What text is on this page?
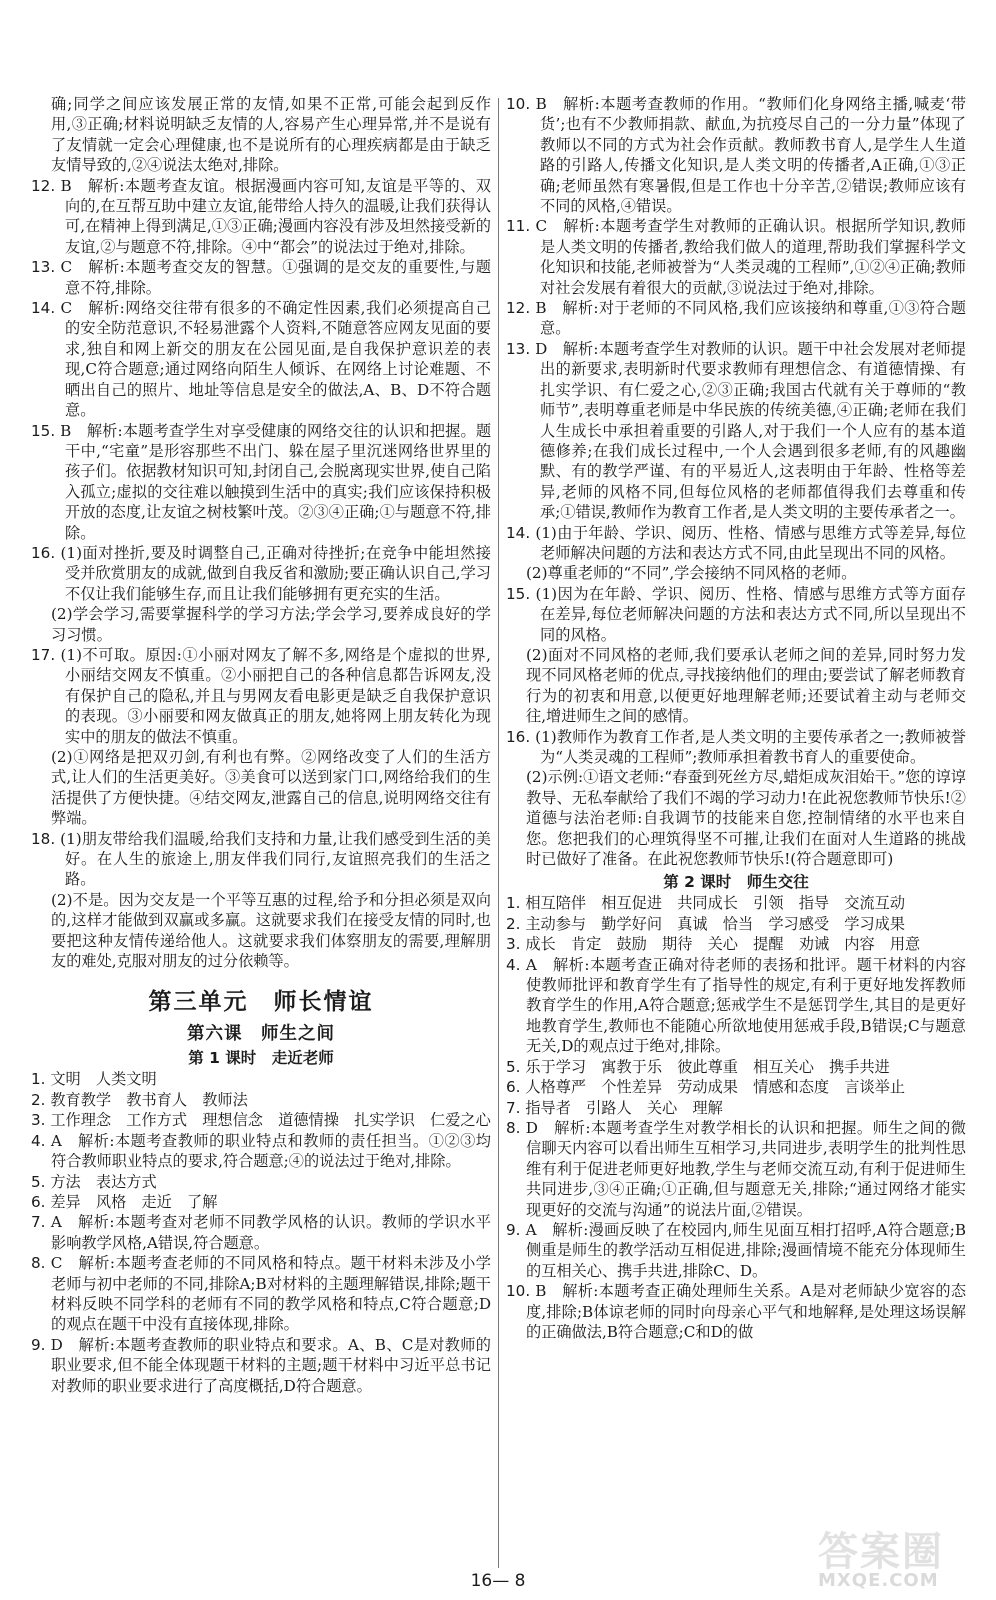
确;同学之间应该发展正常的友情,如果不正常,可能会起到反作用,③正确;材料说明缺乏友情的人,容易产生心理异常,并不是说有了友情就一定会心理健康,也不是说所有的心理疾病都是由于缺乏友情导致的,②④说法太绝对,排除。

12. B　解析:本题考查友谊。根据漫画内容可知,友谊是平等的、双向的,在互帮互助中建立友谊,能带给人持久的温暖,让我们获得认可,在精神上得到满足,①③正确;漫画内容没有涉及坦然接受新的友谊,②与题意不符,排除。④中“都会”的说法过于绝对,排除。

13. C　解析:本题考查交友的智慧。①强调的是交友的重要性,与题意不符,排除。

14. C　解析:网络交往带有很多的不确定性因素,我们必须提高自己的安全防范意识,不轻易泄露个人资料,不随意答应网友见面的要求,独自和网上新交的朋友在公园见面,是自我保护意识差的表现,C符合题意;通过网络向陌生人倾诉、在网络上讨论难题、不晒出自己的照片、地址等信息是安全的做法,A、B、D不符合题意。

15. B　解析:本题考查学生对享受健康的网络交往的认识和把握。题干中,“宅童”是形容那些不出门、躲在屋子里沉迷网络世界里的孩子们。依据教材知识可知,封闭自己,会脱离现实世界,使自己陷入孤立;虚拟的交往难以触摸到生活中的真实;我们应该保持积极开放的态度,让友谊之树枝繁叶茂。②③④正确;①与题意不符,排除。

16. (1)面对挫折,要及时调整自己,正确对待挫折;在竞争中能坦然接受并欣赏朋友的成就,做到自我反省和激励;要正确认识自己,学习不仅让我们能够生存,而且让我们能够拥有更充实的生活。

(2)学会学习,需要掌握科学的学习方法;学会学习,要养成良好的学习习惯。

17. (1)不可取。原因:①小丽对网友了解不多,网络是个虚拟的世界,小丽结交网友不慎重。②小丽把自己的各种信息都告诉网友,没有保护自己的隐私,并且与男网友看电影更是缺乏自我保护意识的表现。③小丽要和网友做真正的朋友,她将网上朋友转化为现实中的朋友的做法不慎重。

(2)①网络是把双刃剑,有利也有弊。②网络改变了人们的生活方式,让人们的生活更美好。③美食可以送到家门口,网络给我们的生活提供了方便快捷。④结交网友,泄露自己的信息,说明网络交往有弊端。

18. (1)朋友带给我们温暖,给我们支持和力量,让我们感受到生活的美好。在人生的旅途上,朋友伴我们同行,友谊照亮我们的生活之路。

(2)不是。因为交友是一个平等互惠的过程,给予和分担必须是双向的,这样才能做到双赢或多赢。这就要求我们在接受友情的同时,也要把这种友情传递给他人。这就要求我们体察朋友的需要,理解朋友的难处,克服对朋友的过分依赖等。

第三单元　师长情谊
第六课　师生之间
第 1 课时　走近老师

1. 文明　人类文明

2. 教育教学　教书育人　教师法

3. 工作理念　工作方式　理想信念　道德情操　扎实学识　仁爱之心

4. A　解析:本题考查教师的职业特点和教师的责任担当。①②③均符合教师职业特点的要求,符合题意;④的说法过于绝对,排除。

5. 方法　表达方式

6. 差异　风格　走近　了解

7. A　解析:本题考查对老师不同教学风格的认识。教师的学识水平影响教学风格,A错误,符合题意。

8. C　解析:本题考查老师的不同风格和特点。题干材料未涉及小学老师与初中老师的不同,排除A;B对材料的主题理解错误,排除;题干材料反映不同学科的老师有不同的教学风格和特点,C符合题意;D的观点在题干中没有直接体现,排除。

9. D　解析:本题考查教师的职业特点和要求。A、B、C是对教师的职业要求,但不能全体现题干材料的主题;题干材料中习近平总书记对教师的职业要求进行了高度概括,D符合题意。

10. B　解析:本题考查教师的作用。“教师们化身网络主播,喊麦‘带货’;也有不少教师捐款、献血,为抗疫尽自己的一分力量”体现了教师以不同的方式为社会作贡献。教师教书育人,是学生人生道路的引路人,传播文化知识,是人类文明的传播者,A正确,①③正确;老师虽然有寒暑假,但是工作也十分辛苦,②错误;教师应该有不同的风格,④错误。

11. C　解析:本题考查学生对教师的正确认识。根据所学知识,教师是人类文明的传播者,教给我们做人的道理,帮助我们掌握科学文化知识和技能,老师被誉为“人类灵魂的工程师”,①②④正确;教师对社会发展有着很大的贡献,③说法过于绝对,排除。

12. B　解析:对于老师的不同风格,我们应该接纳和尊重,①③符合题意。

13. D　解析:本题考查学生对教师的认识。题干中社会发展对老师提出的新要求,表明新时代要求教师有理想信念、有道德情操、有扎实学识、有仁爱之心,②③正确;我国古代就有关于尊师的“教师节”,表明尊重老师是中华民族的传统美德,④正确;老师在我们人生成长中承担着重要的引路人,对于我们一个人应有的基本道德修养;在我们成长过程中,一个人会遇到很多老师,有的风趣幽默、有的教学严谨、有的平易近人,这表明由于年龄、性格等差异,老师的风格不同,但每位风格的老师都值得我们去尊重和传承;①错误,教师作为教育工作者,是人类文明的主要传承者之一。

14. (1)由于年龄、学识、阅历、性格、情感与思维方式等差异,每位老师解决问题的方法和表达方式不同,由此呈现出不同的风格。

(2)尊重老师的“不同”,学会接纳不同风格的老师。

15. (1)因为在年龄、学识、阅历、性格、情感与思维方式等方面存在差异,每位老师解决问题的方法和表达方式不同,所以呈现出不同的风格。

(2)面对不同风格的老师,我们要承认老师之间的差异,同时努力发现不同风格老师的优点,寻找接纳他们的理由;要尝试了解老师教育行为的初衷和用意,以便更好地理解老师;还要试着主动与老师交往,增进师生之间的感情。

16. (1)教师作为教育工作者,是人类文明的主要传承者之一;教师被誉为“人类灵魂的工程师”;教师承担着教书育人的重要使命。

(2)示例:①语文老师:“春蚕到死丝方尽,蜡炬成灰泪始干。”您的谆谆教导、无私奉献给了我们不竭的学习动力!在此祝您教师节快乐!②道德与法治老师:自我调节的技能来自您,控制情绪的水平也来自您。您把我们的心理筑得坚不可摧,让我们在面对人生道路的挑战时已做好了准备。在此祝您教师节快乐!(符合题意即可)

第 2 课时　师生交往

1. 相互陪伴　相互促进　共同成长　引领　指导　交流互动

2. 主动参与　勤学好问　真诚　恰当　学习感受　学习成果

3. 成长　肯定　鼓励　期待　关心　提醒　劝诫　内容　用意

4. A　解析:本题考查正确对待老师的表扬和批评。题干材料的内容使教师批评和教育学生有了指导性的规定,有利于更好地发挥教师教育学生的作用,A符合题意;惩戒学生不是惩罚学生,其目的是更好地教育学生,教师也不能随心所欲地使用惩戒手段,B错误;C与题意无关,D的观点过于绝对,排除。

5. 乐于学习　寓教于乐　彼此尊重　相互关心　携手共进

6. 人格尊严　个性差异　劳动成果　情感和态度　言谈举止

7. 指导者　引路人　关心　理解

8. D　解析:本题考查学生对教学相长的认识和把握。师生之间的微信聊天内容可以看出师生互相学习,共同进步,表明学生的批判性思维有利于促进老师更好地教,学生与老师交流互动,有利于促进师生共同进步,③④正确;①正确,但与题意无关,排除;“通过网络才能实现更好的交流与沟通”的说法片面,②错误。

9. A　解析:漫画反映了在校园内,师生见面互相打招呼,A符合题意;B侧重是师生的教学活动互相促进,排除;漫画情境不能充分体现师生的互相关心、携手共进,排除C、D。

10. B　解析:本题考查正确处理师生关系。A是对老师缺少宽容的态度,排除;B体谅老师的同时向母亲心平气和地解释,是处理这场误解的正确做法,B符合题意;C和D的做

16— 8
答案圈
MXQE.COM
